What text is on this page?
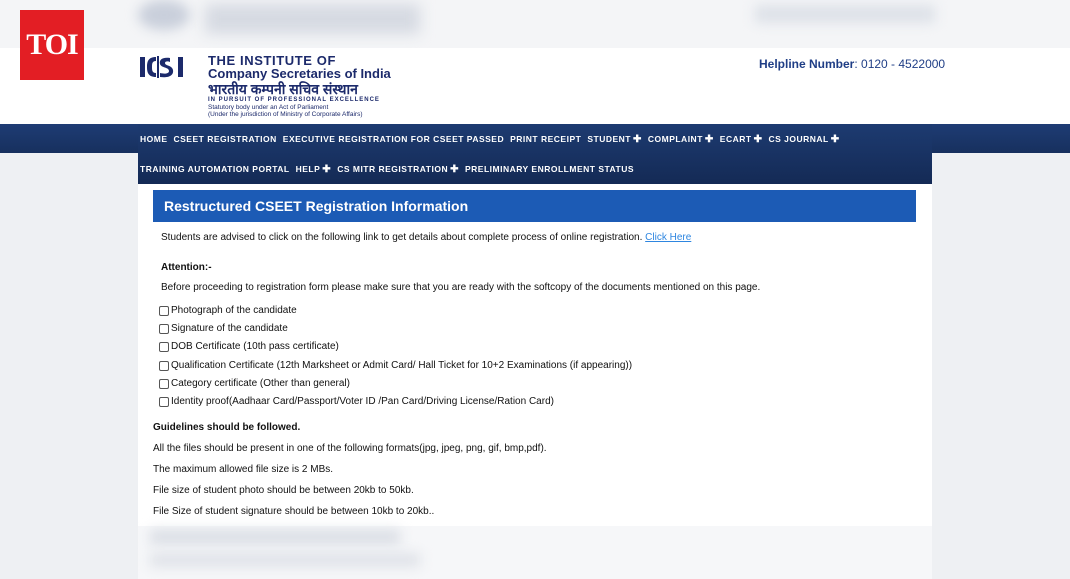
TOI	THE INSTITUTE OF
Company Secretaries of India
भारतीय कम्पनी सचिव संस्थान
IN PURSUIT OF PROFESSIONAL EXCELLENCE
Statutory body under an Act of Parliament
(Under the jurisdiction of Ministry of Corporate Affairs)
Helpline Number: 0120 - 4522000
HOME CSEET REGISTRATION EXECUTIVE REGISTRATION FOR CSEET PASSED PRINT RECEIPT STUDENT ✚ COMPLAINT ✚ ECART ✚ CS JOURNAL ✚
TRAINING AUTOMATION PORTAL HELP ✚ CS MITR REGISTRATION ✚ PRELIMINARY ENROLLMENT STATUS
Restructured CSEET Registration Information
Students are advised to click on the following link to get details about complete process of online registration. Click Here
Attention:-
Before proceeding to registration form please make sure that you are ready with the softcopy of the documents mentioned on this page.
Photograph of the candidate
Signature of the candidate
DOB Certificate (10th pass certificate)
Qualification Certificate (12th Marksheet or Admit Card/ Hall Ticket for 10+2 Examinations (if appearing))
Category certificate (Other than general)
Identity proof(Aadhaar Card/Passport/Voter ID /Pan Card/Driving License/Ration Card)
Guidelines should be followed.
All the files should be present in one of the following formats(jpg, jpeg, png, gif, bmp,pdf).
The maximum allowed file size is 2 MBs.
File size of student photo should be between 20kb to 50kb.
File Size of student signature should be between 10kb to 20kb..
